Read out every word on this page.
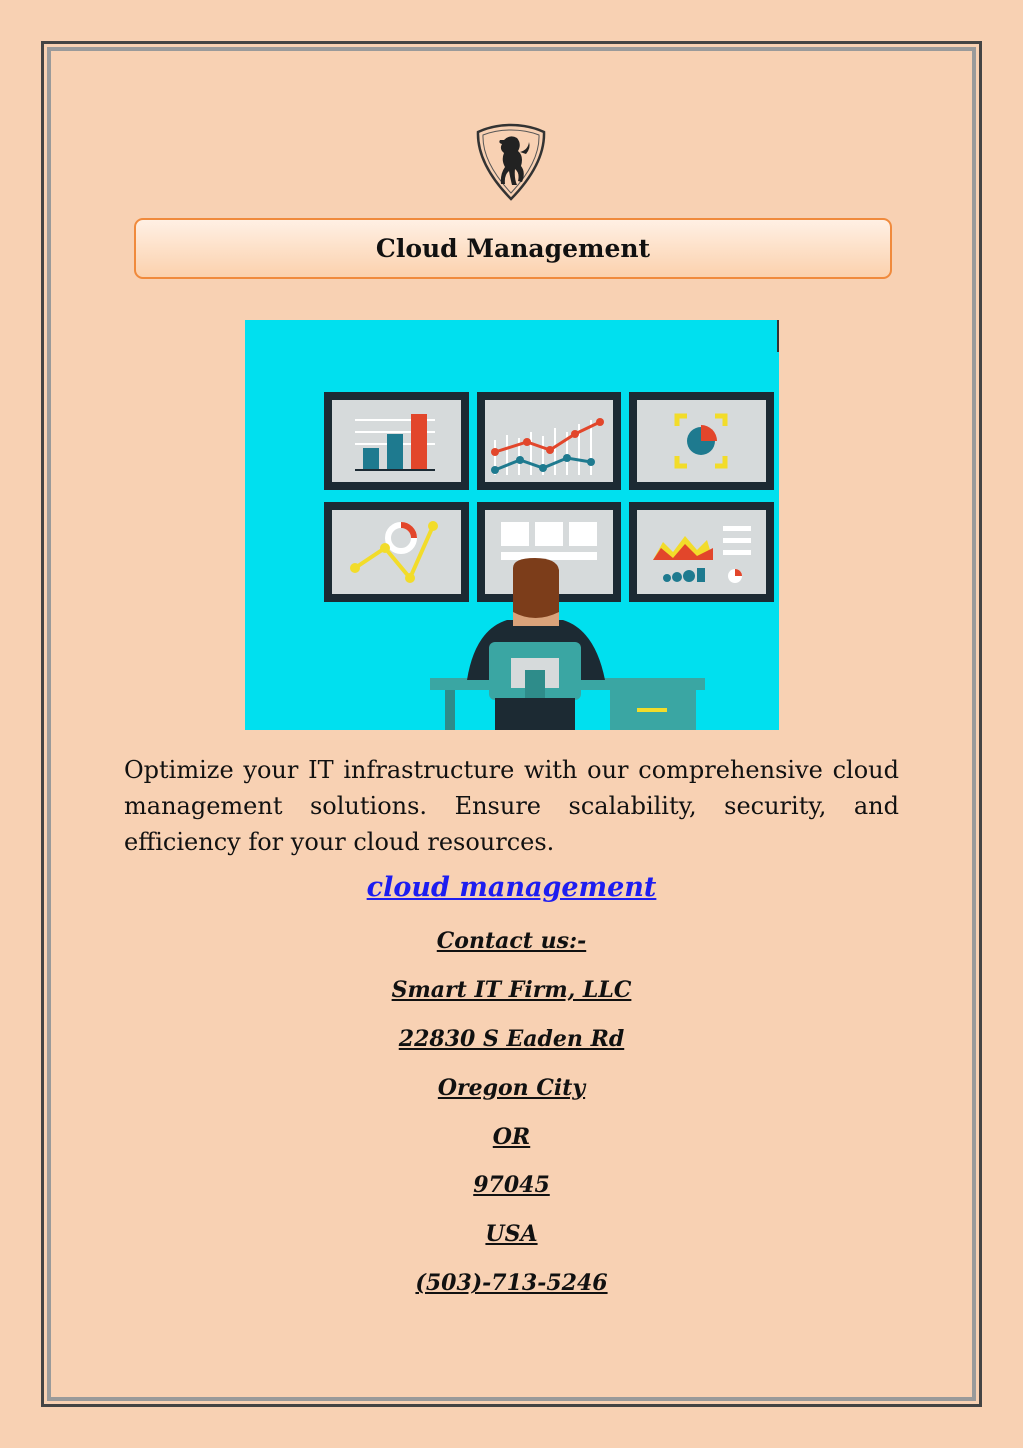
Cloud Management

Optimize your IT infrastructure with our comprehensive cloud management solutions. Ensure scalability, security, and efficiency for your cloud resources.

cloud management
Contact us:-
Smart IT Firm, LLC
22830 S Eaden Rd
Oregon City
OR
97045
USA
(503)-713-5246
